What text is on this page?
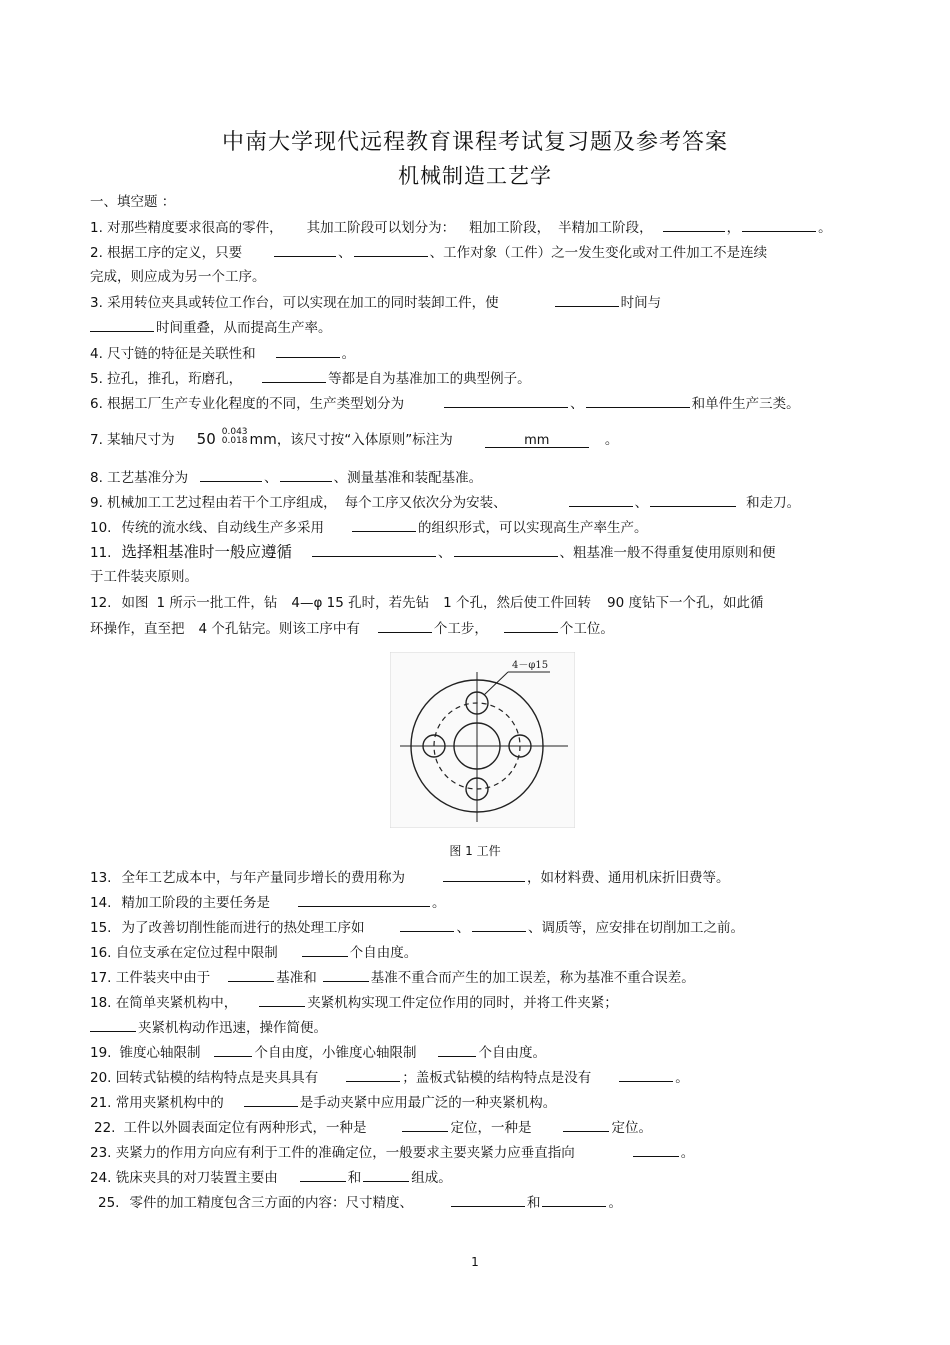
中南大学现代远程教育课程考试复习题及参考答案
机械制造工艺学
一、填空题 ：
1. 对那些精度要求很高的零件， 其加工阶段可以划分为： 粗加工阶段， 半精加工阶段，	，	。
2. 根据工序的定义，只要	、	、工作对象（工件）之一发生变化或对工件加工不是连续
完成，则应成为另一个工序。
3. 采用转位夹具或转位工作台，可以实现在加工的同时装卸工件，使	时间与
时间重叠，从而提高生产率。
4. 尺寸链的特征是关联性和	。
5. 拉孔，推孔，珩磨孔，	等都是自为基准加工的典型例子。
6. 根据工厂生产专业化程度的不同，生产类型划分为	、	和单件生产三类。
7. 某轴尺寸为 50 0.043
0.018 mm，该尺寸按“入体原则”标注为	mm	。
8. 工艺基准分为	、	、测量基准和装配基准。
9. 机械加工工艺过程由若干个工序组成， 每个工序又依次分为安装、	、	和走刀。
10. 传统的流水线、自动线生产多采用	的组织形式，可以实现高生产率生产。
11. 选择粗基准时一般应遵循	、	、粗基准一般不得重复使用原则和便
于工件装夹原则。
12. 如图 1 所示一批工件，钻 4—φ 15 孔时，若先钻 1 个孔，然后使工件回转 90 度钻下一个孔，如此循
环操作，直至把 4 个孔钻完。则该工序中有	个工步，	个工位。
4－φ15
图 1 工件
13. 全年工艺成本中，与年产量同步增长的费用称为	，如材料费、通用机床折旧费等。
14. 精加工阶段的主要任务是	。
15. 为了改善切削性能而进行的热处理工序如	、	、调质等，应安排在切削加工之前。
16. 自位支承在定位过程中限制	个自由度。
17. 工件装夹中由于	基准和	基准不重合而产生的加工误差，称为基准不重合误差。
18. 在简单夹紧机构中，	夹紧机构实现工件定位作用的同时，并将工件夹紧；
夹紧机构动作迅速，操作简便。
19. 锥度心轴限制	个自由度，小锥度心轴限制	个自由度。
20. 回转式钻模的结构特点是夹具具有	；盖板式钻模的结构特点是没有	。
21. 常用夹紧机构中的	是手动夹紧中应用最广泛的一种夹紧机构。
22. 工件以外圆表面定位有两种形式，一种是	定位，一种是	定位。
23. 夹紧力的作用方向应有利于工件的准确定位，一般要求主要夹紧力应垂直指向	。
24. 铣床夹具的对刀装置主要由	和	组成。
25. 零件的加工精度包含三方面的内容：尺寸精度、	和	。
1
